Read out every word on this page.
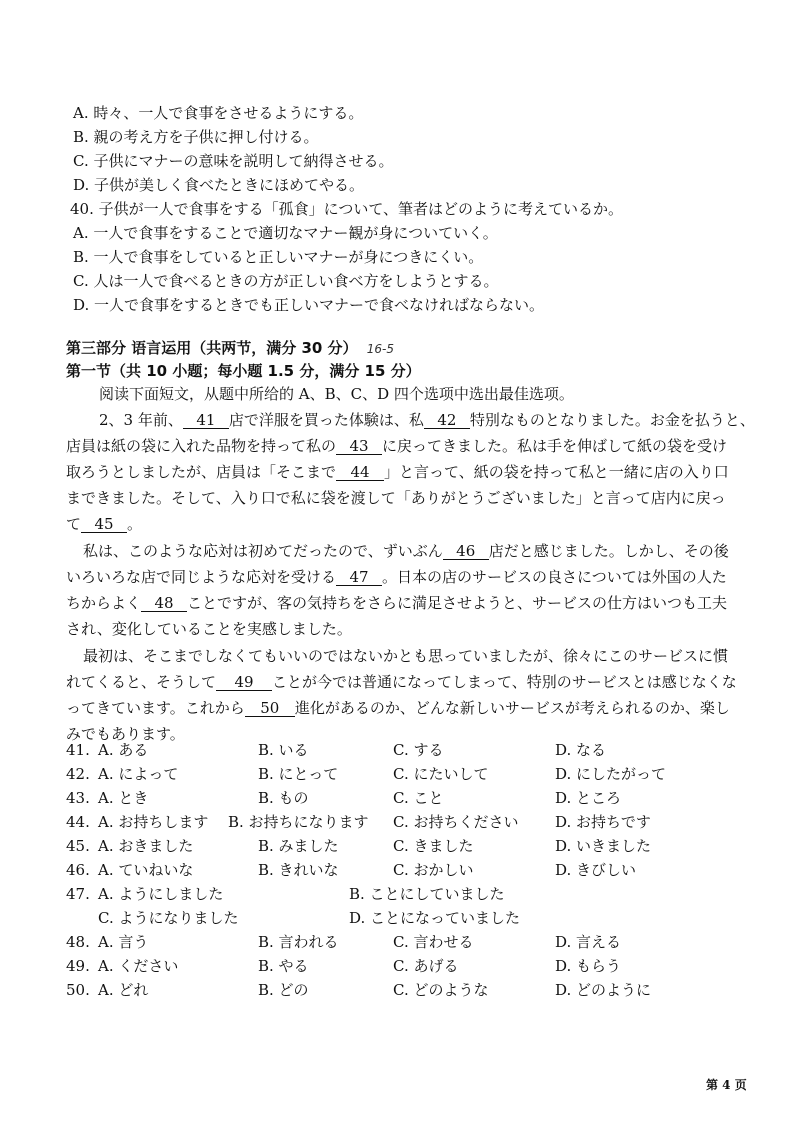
A. 時々、一人で食事をさせるようにする。
B. 親の考え方を子供に押し付ける。
C. 子供にマナーの意味を説明して納得させる。
D. 子供が美しく食べたときにほめてやる。
40. 子供が一人で食事をする「孤食」について、筆者はどのように考えているか。
A. 一人で食事をすることで適切なマナー観が身についていく。
B. 一人で食事をしていると正しいマナーが身につきにくい。
C. 人は一人で食べるときの方が正しい食べ方をしようとする。
D. 一人で食事をするときでも正しいマナーで食べなければならない。
第三部分 语言运用（共两节，满分 30 分） 16-5
第一节（共 10 小题；每小题 1.5 分，满分 15 分）
阅读下面短文，从题中所给的 A、B、C、D 四个选项中选出最佳选项。
2、3 年前、 41 店で洋服を買った体験は、私 42 特別なものとなりました。お金を払うと、
店員は紙の袋に入れた品物を持って私の 43 に戻ってきました。私は手を伸ばして紙の袋を受け
取ろうとしましたが、店員は「そこまで 44 」と言って、紙の袋を持って私と一緒に店の入り口
まできました。そして、入り口で私に袋を渡して「ありがとうございました」と言って店内に戻っ
て 45 。
私は、このような応対は初めてだったので、ずいぶん 46 店だと感じました。しかし、その後
いろいろな店で同じような応対を受ける 47 。日本の店のサービスの良さについては外国の人た
ちからよく 48 ことですが、客の気持ちをさらに満足させようと、サービスの仕方はいつも工夫
され、変化していることを実感しました。
最初は、そこまでしなくてもいいのではないかとも思っていましたが、徐々にこのサービスに慣
れてくると、そうして 49 ことが今では普通になってしまって、特別のサービスとは感じなくな
ってきています。これから 50 進化があるのか、どんな新しいサービスが考えられるのか、楽し
みでもあります。
41. A. ある	B. いる	C. する	D. なる
42. A. によって	B. にとって	C. にたいして	D. にしたがって
43. A. とき	B. もの	C. こと	D. ところ
44. A. お持ちします B. お持ちになります C. お持ちください D. お持ちです
45. A. おきました	B. みました	C. きました	D. いきました
46. A. ていねいな	B. きれいな	C. おかしい	D. きびしい
47. A. ようにしました	B. ことにしていました
C. ようになりました	D. ことになっていました
48. A. 言う	B. 言われる	C. 言わせる	D. 言える
49. A. ください	B. やる	C. あげる	D. もらう
50. A. どれ	B. どの	C. どのような	D. どのように
第 4 页
